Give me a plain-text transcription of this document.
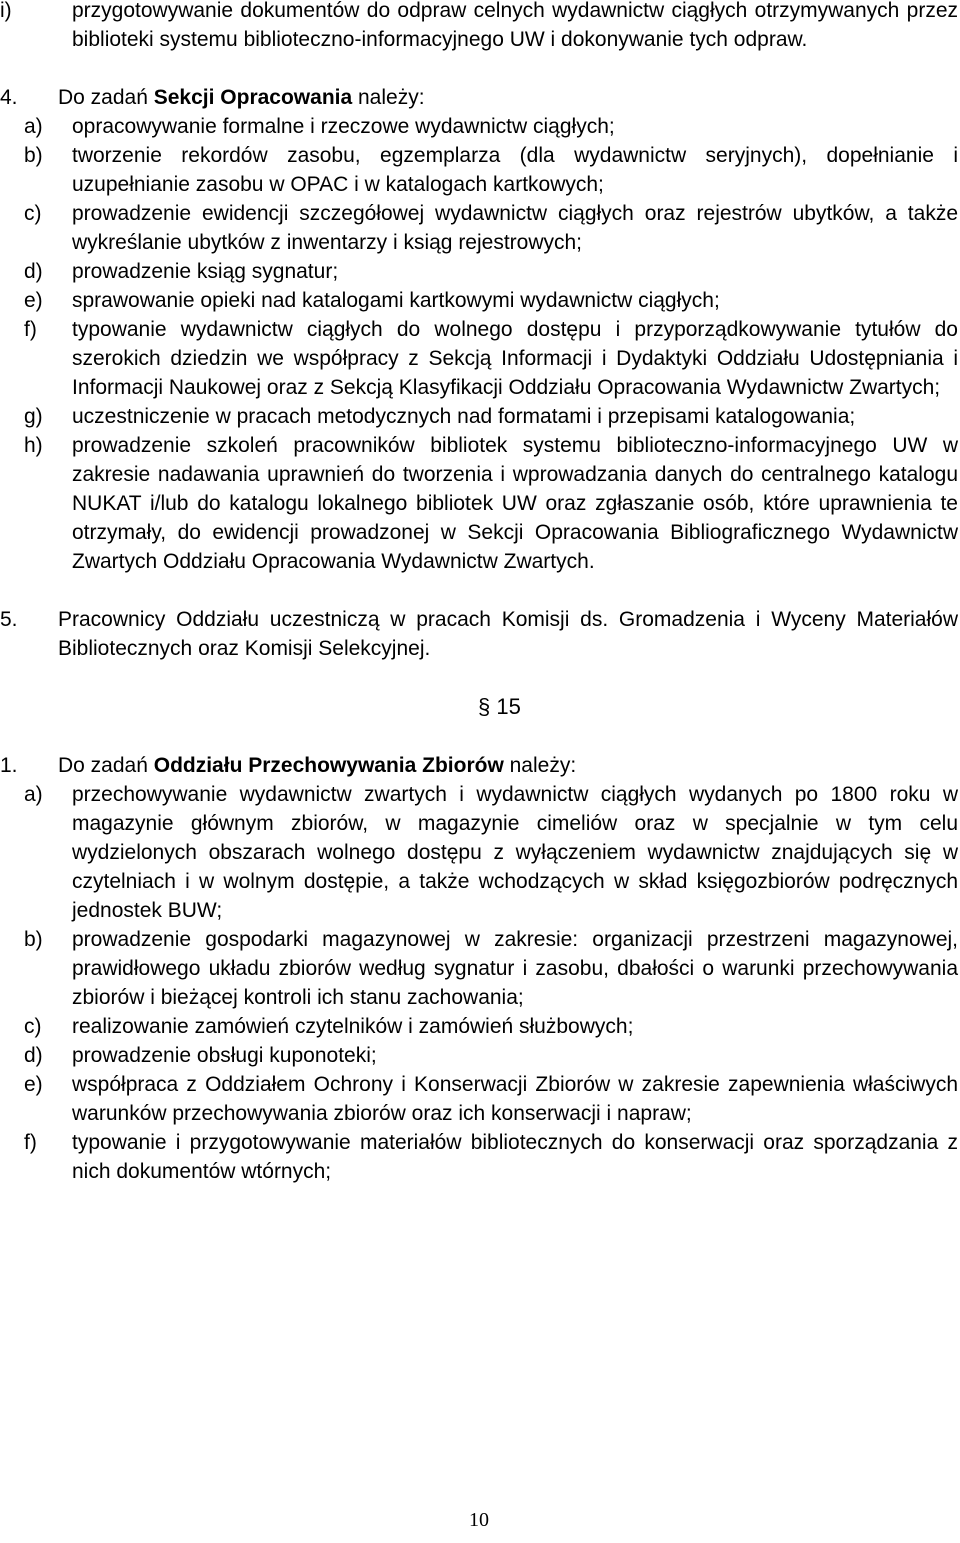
i)	przygotowywanie dokumentów do odpraw celnych wydawnictw ciągłych otrzymywanych przez biblioteki systemu biblioteczno-informacyjnego UW i dokonywanie tych odpraw.
4. Do zadań Sekcji Opracowania należy:
a) opracowywanie formalne i rzeczowe wydawnictw ciągłych;
b) tworzenie rekordów zasobu, egzemplarza (dla wydawnictw seryjnych), dopełnianie i uzupełnianie zasobu w OPAC i w katalogach kartkowych;
c) prowadzenie ewidencji szczegółowej wydawnictw ciągłych oraz rejestrów ubytków, a także wykreślanie ubytków z inwentarzy i ksiąg rejestrowych;
d) prowadzenie ksiąg sygnatur;
e) sprawowanie opieki nad katalogami kartkowymi wydawnictw ciągłych;
f) typowanie wydawnictw ciągłych do wolnego dostępu i przyporządkowywanie tytułów do szerokich dziedzin we współpracy z Sekcją Informacji i Dydaktyki Oddziału Udostępniania i Informacji Naukowej oraz z Sekcją Klasyfikacji Oddziału Opracowania Wydawnictw Zwartych;
g) uczestniczenie w pracach metodycznych nad formatami i przepisami katalogowania;
h) prowadzenie szkoleń pracowników bibliotek systemu biblioteczno-informacyjnego UW w zakresie nadawania uprawnień do tworzenia i wprowadzania danych do centralnego katalogu NUKAT i/lub do katalogu lokalnego bibliotek UW oraz zgłaszanie osób, które uprawnienia te otrzymały, do ewidencji prowadzonej w Sekcji Opracowania Bibliograficznego Wydawnictw Zwartych Oddziału Opracowania Wydawnictw Zwartych.
5. Pracownicy Oddziału uczestniczą w pracach Komisji ds. Gromadzenia i Wyceny Materiałów Bibliotecznych oraz Komisji Selekcyjnej.
§ 15
1. Do zadań Oddziału Przechowywania Zbiorów należy:
a) przechowywanie wydawnictw zwartych i wydawnictw ciągłych wydanych po 1800 roku w magazynie głównym zbiorów, w magazynie cimeliów oraz w specjalnie w tym celu wydzielonych obszarach wolnego dostępu z wyłączeniem wydawnictw znajdujących się w czytelniach i w wolnym dostępie, a także wchodzących w skład księgozbiorów podręcznych jednostek BUW;
b) prowadzenie gospodarki magazynowej w zakresie: organizacji przestrzeni magazynowej, prawidłowego układu zbiorów według sygnatur i zasobu, dbałości o warunki przechowywania zbiorów i bieżącej kontroli ich stanu zachowania;
c) realizowanie zamówień czytelników i zamówień służbowych;
d) prowadzenie obsługi kuponoteki;
e) współpraca z Oddziałem Ochrony i Konserwacji Zbiorów w zakresie zapewnienia właściwych warunków przechowywania zbiorów oraz ich konserwacji i napraw;
f) typowanie i przygotowywanie materiałów bibliotecznych do konserwacji oraz sporządzania z nich dokumentów wtórnych;
10
